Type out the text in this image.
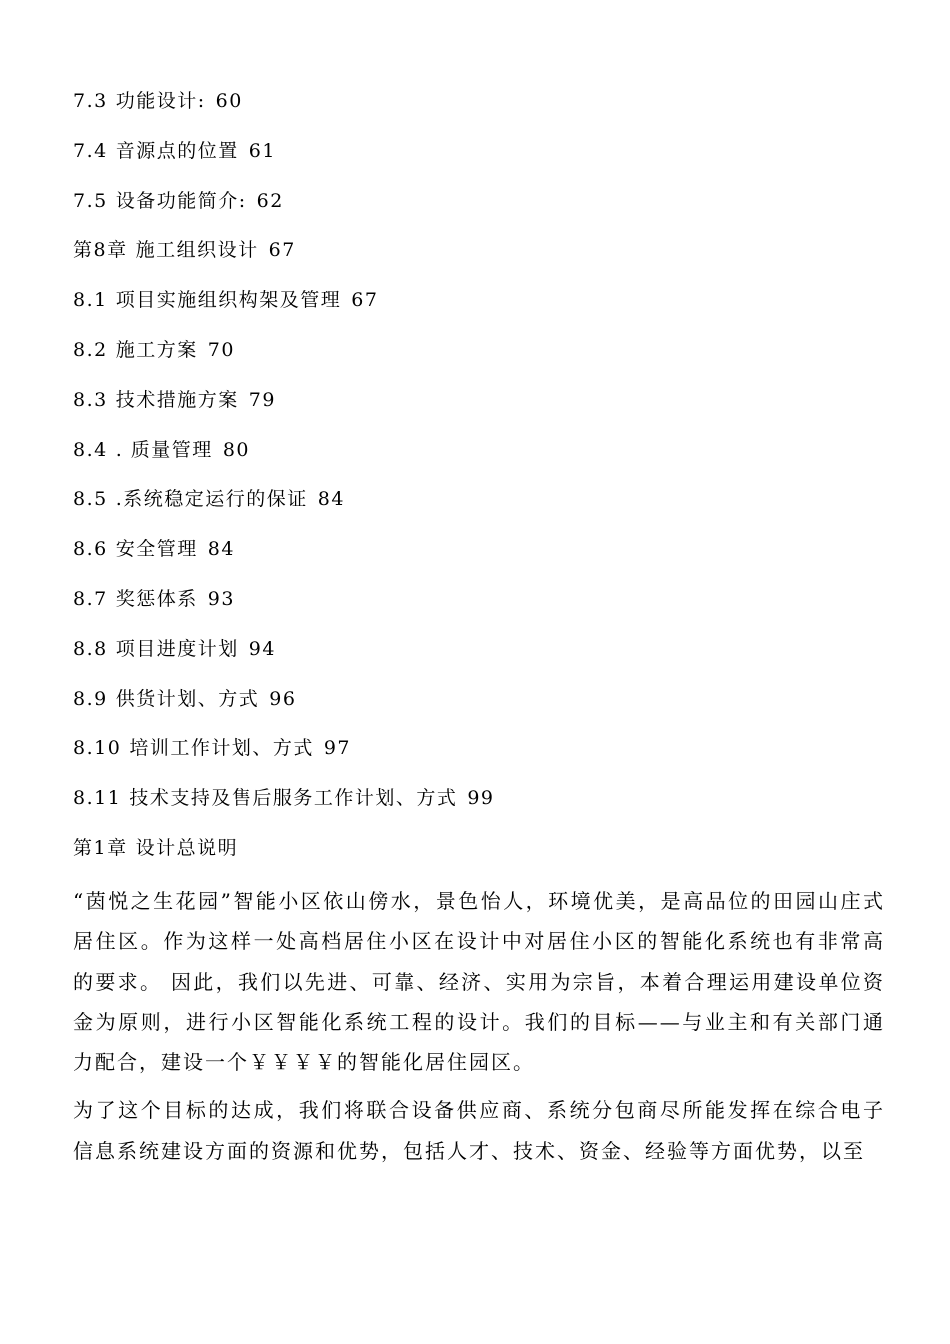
7.3 功能设计: 60
7.4 音源点的位置 61
7.5 设备功能简介: 62
第8章 施工组织设计 67
8.1 项目实施组织构架及管理 67
8.2 施工方案 70
8.3 技术措施方案 79
8.4 . 质量管理 80
8.5 .系统稳定运行的保证 84
8.6 安全管理 84
8.7 奖惩体系 93
8.8 项目进度计划 94
8.9 供货计划、方式 96
8.10 培训工作计划、方式 97
8.11 技术支持及售后服务工作计划、方式 99
第1章 设计总说明

“茵悦之生花园”智能小区依山傍水，景色怡人，环境优美，是高品位的田园山庄式居住区。作为这样一处高档居住小区在设计中对居住小区的智能化系统也有非常高的要求。 因此，我们以先进、可靠、经济、实用为宗旨，本着合理运用建设单位资金为原则，进行小区智能化系统工程的设计。我们的目标——与业主和有关部门通力配合，建设一个￥￥￥￥的智能化居住园区。

为了这个目标的达成，我们将联合设备供应商、系统分包商尽所能发挥在综合电子信息系统建设方面的资源和优势，包括人才、技术、资金、经验等方面优势，以至
